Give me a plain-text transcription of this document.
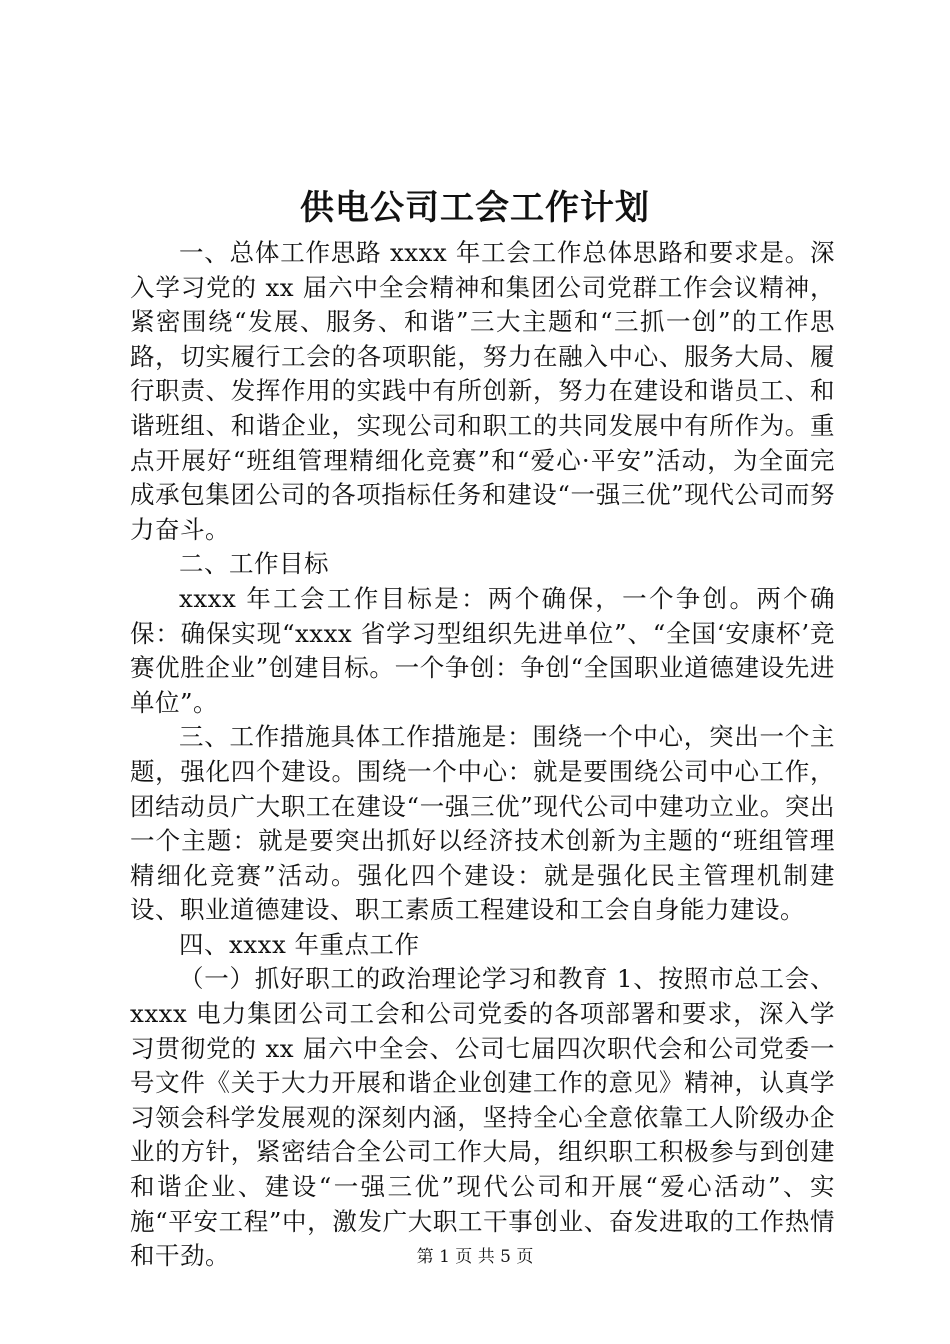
供电公司工会工作计划

一、总体工作思路 xxxx 年工会工作总体思路和要求是。深入学习党的 xx 届六中全会精神和集团公司党群工作会议精神，紧密围绕“发展、服务、和谐”三大主题和“三抓一创”的工作思路，切实履行工会的各项职能，努力在融入中心、服务大局、履行职责、发挥作用的实践中有所创新，努力在建设和谐员工、和谐班组、和谐企业，实现公司和职工的共同发展中有所作为。重点开展好“班组管理精细化竞赛”和“爱心·平安”活动，为全面完成承包集团公司的各项指标任务和建设“一强三优”现代公司而努力奋斗。

二、工作目标

xxxx 年工会工作目标是：两个确保，一个争创。两个确保：确保实现“xxxx 省学习型组织先进单位”、“全国‘安康杯’竞赛优胜企业”创建目标。一个争创：争创“全国职业道德建设先进单位”。

三、工作措施具体工作措施是：围绕一个中心，突出一个主题，强化四个建设。围绕一个中心：就是要围绕公司中心工作，团结动员广大职工在建设“一强三优”现代公司中建功立业。突出一个主题：就是要突出抓好以经济技术创新为主题的“班组管理精细化竞赛”活动。强化四个建设：就是强化民主管理机制建设、职业道德建设、职工素质工程建设和工会自身能力建设。

四、xxxx 年重点工作

（一）抓好职工的政治理论学习和教育 1、按照市总工会、xxxx 电力集团公司工会和公司党委的各项部署和要求，深入学习贯彻党的 xx 届六中全会、公司七届四次职代会和公司党委一号文件《关于大力开展和谐企业创建工作的意见》精神，认真学习领会科学发展观的深刻内涵，坚持全心全意依靠工人阶级办企业的方针，紧密结合全公司工作大局，组织职工积极参与到创建和谐企业、建设“一强三优”现代公司和开展“爱心活动”、实施“平安工程”中，激发广大职工干事创业、奋发进取的工作热情和干劲。	第 1 页 共 5 页
